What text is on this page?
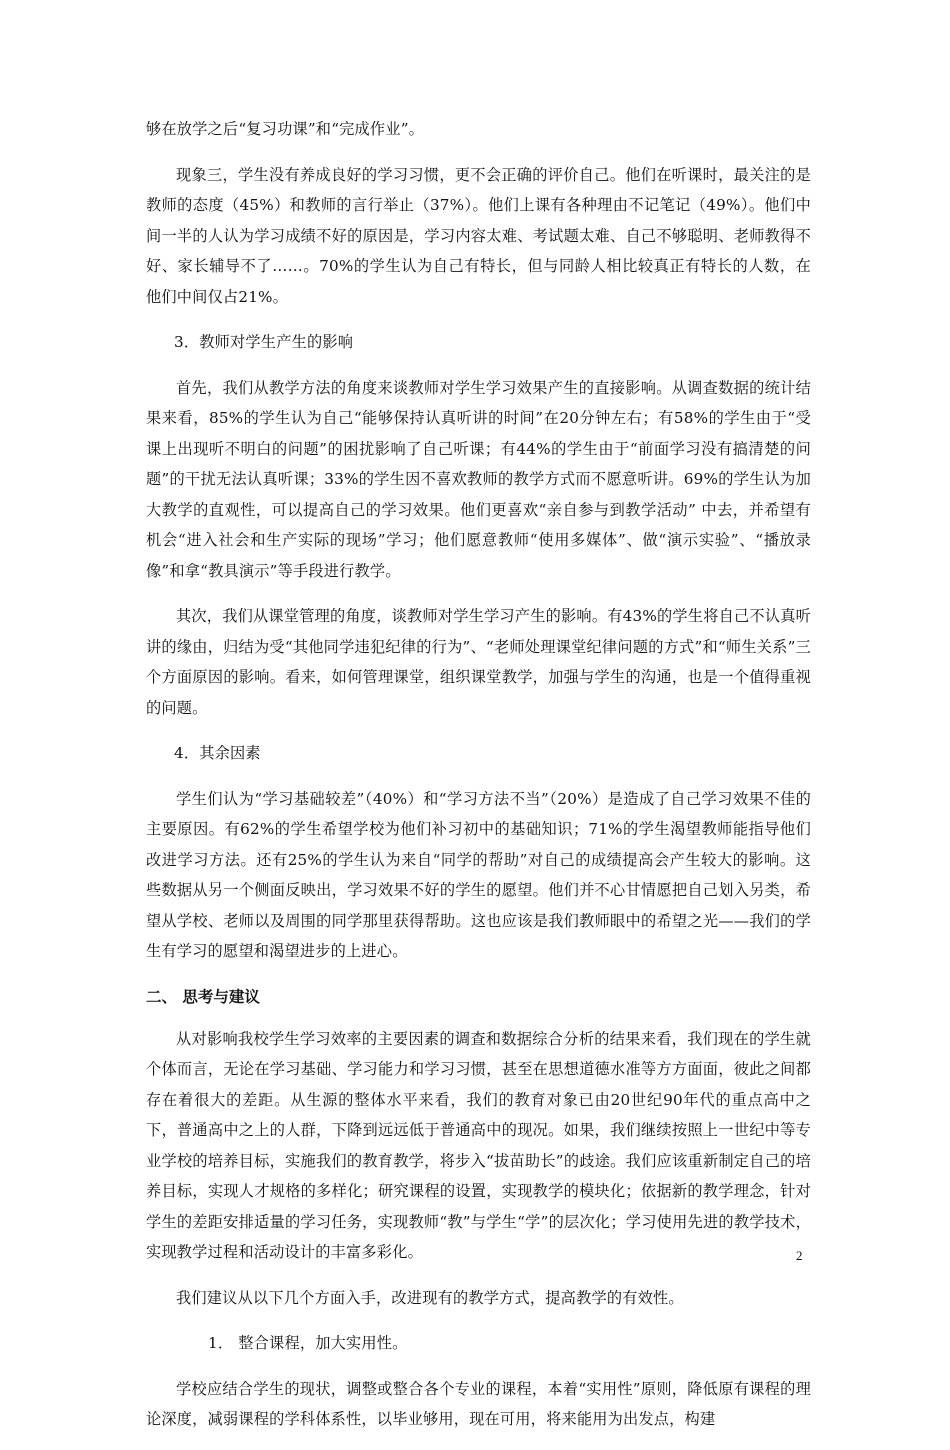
够在放学之后“复习功课”和“完成作业”。

现象三，学生没有养成良好的学习习惯，更不会正确的评价自己。他们在听课时，最关注的是教师的态度（45%）和教师的言行举止（37%）。他们上课有各种理由不记笔记（49%）。他们中间一半的人认为学习成绩不好的原因是，学习内容太难、考试题太难、自己不够聪明、老师教得不好、家长辅导不了……。70%的学生认为自己有特长，但与同龄人相比较真正有特长的人数，在他们中间仅占21%。

3．教师对学生产生的影响

首先，我们从教学方法的角度来谈教师对学生学习效果产生的直接影响。从调查数据的统计结果来看，85%的学生认为自己“能够保持认真听讲的时间”在20分钟左右；有58%的学生由于“受课上出现听不明白的问题”的困扰影响了自己听课；有44%的学生由于“前面学习没有搞清楚的问题”的干扰无法认真听课；33%的学生因不喜欢教师的教学方式而不愿意听讲。69%的学生认为加大教学的直观性，可以提高自己的学习效果。他们更喜欢“亲自参与到教学活动” 中去，并希望有机会“进入社会和生产实际的现场”学习；他们愿意教师“使用多媒体”、做“演示实验”、“播放录像”和拿“教具演示”等手段进行教学。

其次，我们从课堂管理的角度，谈教师对学生学习产生的影响。有43%的学生将自己不认真听讲的缘由，归结为受“其他同学违犯纪律的行为”、“老师处理课堂纪律问题的方式”和“师生关系”三个方面原因的影响。看来，如何管理课堂，组织课堂教学，加强与学生的沟通，也是一个值得重视的问题。

4．其余因素

学生们认为“学习基础较差”（40%）和“学习方法不当”（20%）是造成了自己学习效果不佳的主要原因。有62%的学生希望学校为他们补习初中的基础知识；71%的学生渴望教师能指导他们改进学习方法。还有25%的学生认为来自“同学的帮助”对自己的成绩提高会产生较大的影响。这些数据从另一个侧面反映出，学习效果不好的学生的愿望。他们并不心甘情愿把自己划入另类，希望从学校、老师以及周围的同学那里获得帮助。这也应该是我们教师眼中的希望之光——我们的学生有学习的愿望和渴望进步的上进心。

二、 思考与建议

从对影响我校学生学习效率的主要因素的调查和数据综合分析的结果来看，我们现在的学生就个体而言，无论在学习基础、学习能力和学习习惯，甚至在思想道德水准等方方面面，彼此之间都存在着很大的差距。从生源的整体水平来看，我们的教育对象已由20世纪90年代的重点高中之下，普通高中之上的人群，下降到远远低于普通高中的现况。如果，我们继续按照上一世纪中等专业学校的培养目标，实施我们的教育教学，将步入“拔苗助长”的歧途。我们应该重新制定自己的培养目标，实现人才规格的多样化；研究课程的设置，实现教学的模块化；依据新的教学理念，针对学生的差距安排适量的学习任务，实现教师“教”与学生“学”的层次化；学习使用先进的教学技术，实现教学过程和活动设计的丰富多彩化。

我们建议从以下几个方面入手，改进现有的教学方式，提高教学的有效性。

1． 整合课程，加大实用性。

学校应结合学生的现状，调整或整合各个专业的课程，本着“实用性”原则，降低原有课程的理论深度，减弱课程的学科体系性，以毕业够用，现在可用，将来能用为出发点，构建

2
